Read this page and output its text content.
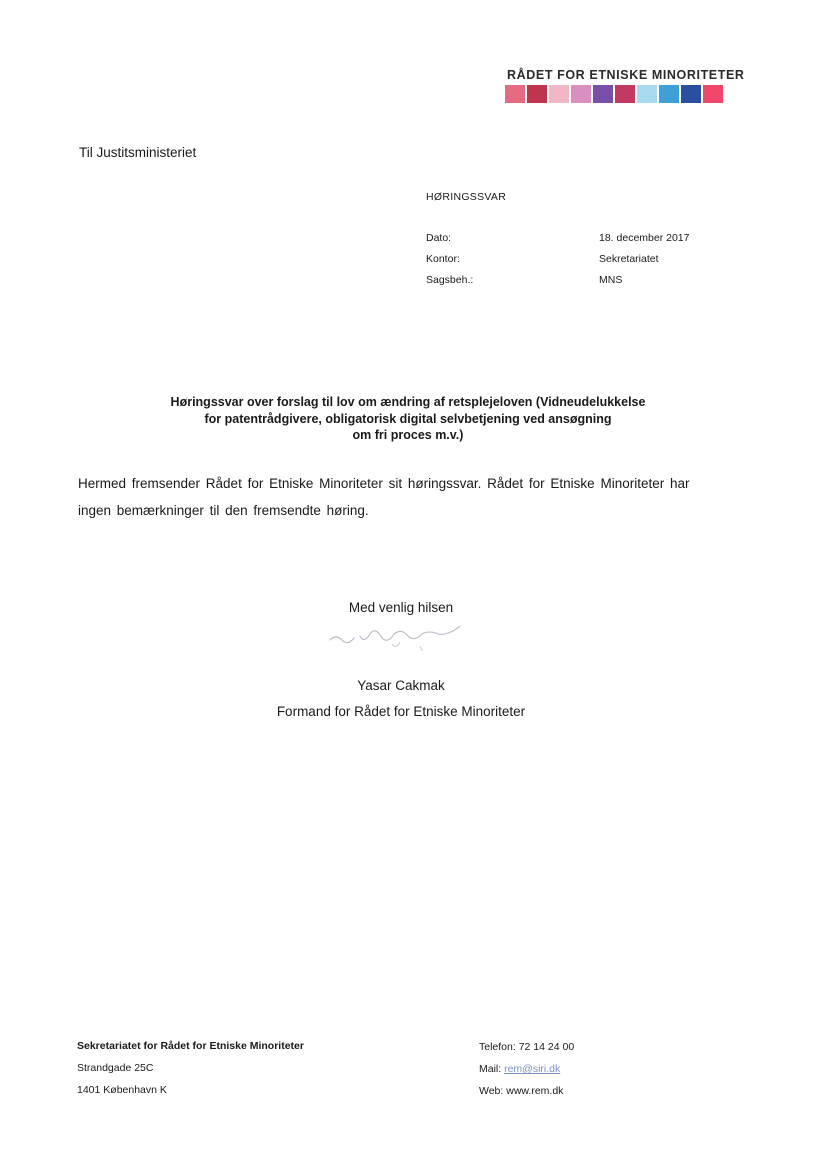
RÅDET FOR ETNISKE MINORITETER
Til Justitsministeriet
HØRINGSSVAR
Dato:	18. december 2017
Kontor:	Sekretariatet
Sagsbeh.:	MNS
Høringssvar over forslag til lov om ændring af retsplejeloven (Vidneudelukkelse
for patentrådgivere, obligatorisk digital selvbetjening ved ansøgning
om fri proces m.v.)
Hermed fremsender Rådet for Etniske Minoriteter sit høringssvar. Rådet for Etniske Minoriteter har ingen bemærkninger til den fremsendte høring.
Med venlig hilsen
Yasar Cakmak
Formand for Rådet for Etniske Minoriteter
Sekretariatet for Rådet for Etniske Minoriteter
Strandgade 25C
1401 København K
Telefon: 72 14 24 00
Mail: rem@siri.dk
Web: www.rem.dk
